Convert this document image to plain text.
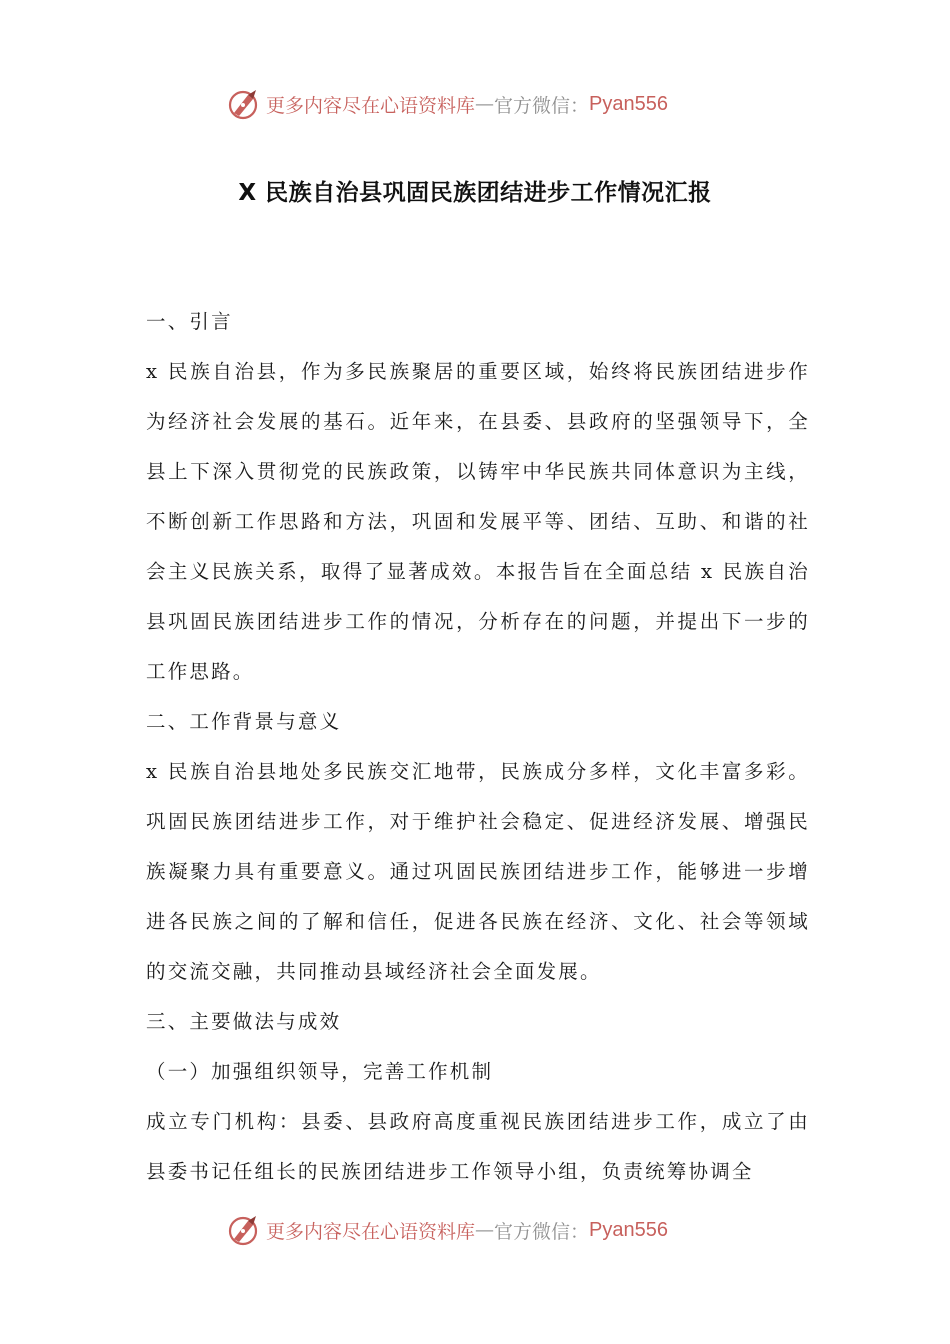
更多内容尽在心语资料库 — 官方微信： Pyan556
X 民族自治县巩固民族团结进步工作情况汇报

一、引言

x 民族自治县，作为多民族聚居的重要区域，始终将民族团结进步作为经济社会发展的基石。近年来，在县委、县政府的坚强领导下，全县上下深入贯彻党的民族政策，以铸牢中华民族共同体意识为主线，不断创新工作思路和方法，巩固和发展平等、团结、互助、和谐的社会主义民族关系，取得了显著成效。本报告旨在全面总结 x 民族自治县巩固民族团结进步工作的情况，分析存在的问题，并提出下一步的工作思路。

二、工作背景与意义

x 民族自治县地处多民族交汇地带，民族成分多样，文化丰富多彩。巩固民族团结进步工作，对于维护社会稳定、促进经济发展、增强民族凝聚力具有重要意义。通过巩固民族团结进步工作，能够进一步增进各民族之间的了解和信任，促进各民族在经济、文化、社会等领域的交流交融，共同推动县域经济社会全面发展。

三、主要做法与成效

（一）加强组织领导，完善工作机制

成立专门机构：县委、县政府高度重视民族团结进步工作，成立了由县委书记任组长的民族团结进步工作领导小组，负责统筹协调全

更多内容尽在心语资料库 — 官方微信： Pyan556
